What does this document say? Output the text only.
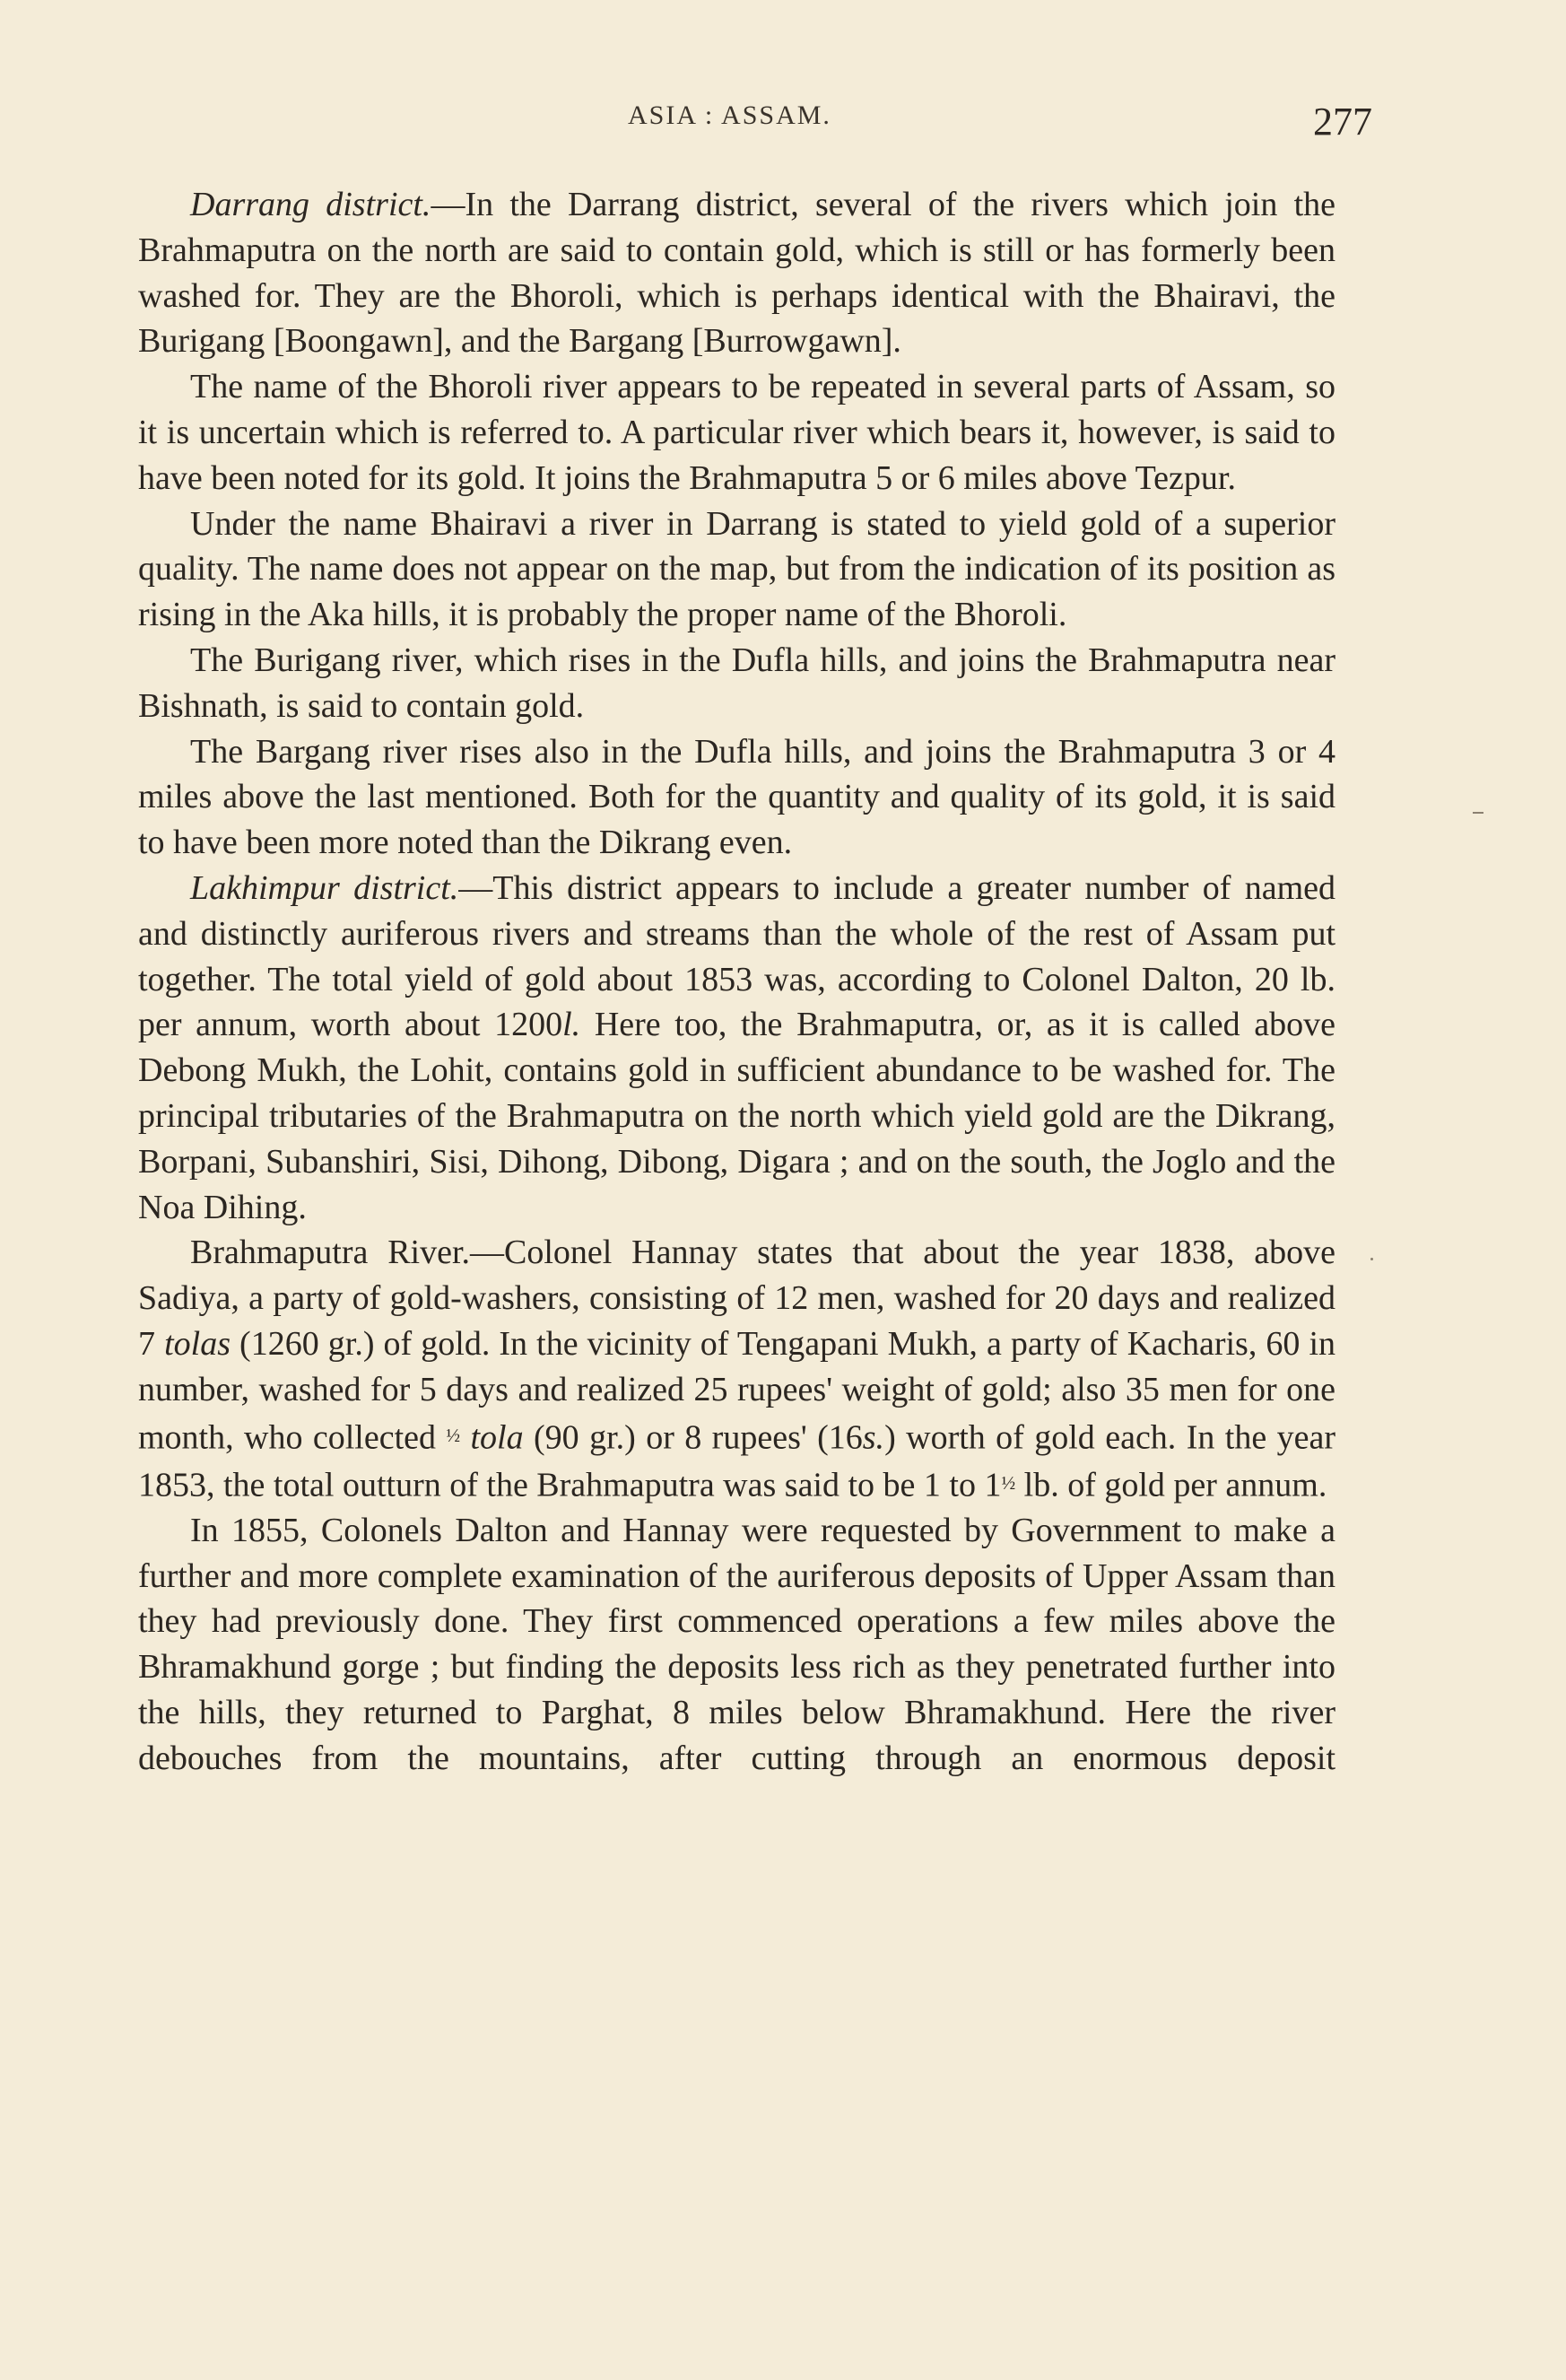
ASIA : ASSAM.	277

Darrang district.—In the Darrang district, several of the rivers which join the Brahmaputra on the north are said to contain gold, which is still or has formerly been washed for. They are the Bhoroli, which is perhaps identical with the Bhairavi, the Burigang [Boongawn], and the Bargang [Burrowgawn].

The name of the Bhoroli river appears to be repeated in several parts of Assam, so it is uncertain which is referred to. A particular river which bears it, however, is said to have been noted for its gold. It joins the Brahmaputra 5 or 6 miles above Tezpur.

Under the name Bhairavi a river in Darrang is stated to yield gold of a superior quality. The name does not appear on the map, but from the indication of its position as rising in the Aka hills, it is probably the proper name of the Bhoroli.

The Burigang river, which rises in the Dufla hills, and joins the Brahmaputra near Bishnath, is said to contain gold.

The Bargang river rises also in the Dufla hills, and joins the Brahmaputra 3 or 4 miles above the last mentioned. Both for the quantity and quality of its gold, it is said to have been more noted than the Dikrang even.

Lakhimpur district.—This district appears to include a greater number of named and distinctly auriferous rivers and streams than the whole of the rest of Assam put together. The total yield of gold about 1853 was, according to Colonel Dalton, 20 lb. per annum, worth about 1200l. Here too, the Brahmaputra, or, as it is called above Debong Mukh, the Lohit, contains gold in sufficient abundance to be washed for. The principal tributaries of the Brahmaputra on the north which yield gold are the Dikrang, Borpani, Subanshiri, Sisi, Dihong, Dibong, Digara ; and on the south, the Joglo and the Noa Dihing.

Brahmaputra River.—Colonel Hannay states that about the year 1838, above Sadiya, a party of gold-washers, consisting of 12 men, washed for 20 days and realized 7 tolas (1260 gr.) of gold. In the vicinity of Tengapani Mukh, a party of Kacharis, 60 in number, washed for 5 days and realized 25 rupees' weight of gold; also 35 men for one month, who collected ½ tola (90 gr.) or 8 rupees' (16s.) worth of gold each. In the year 1853, the total outturn of the Brahmaputra was said to be 1 to 1½ lb. of gold per annum.

In 1855, Colonels Dalton and Hannay were requested by Government to make a further and more complete examination of the auriferous deposits of Upper Assam than they had previously done. They first commenced operations a few miles above the Bhramakhund gorge ; but finding the deposits less rich as they penetrated further into the hills, they returned to Parghat, 8 miles below Bhramakhund. Here the river debouches from the mountains, after cutting through an enormous deposit
